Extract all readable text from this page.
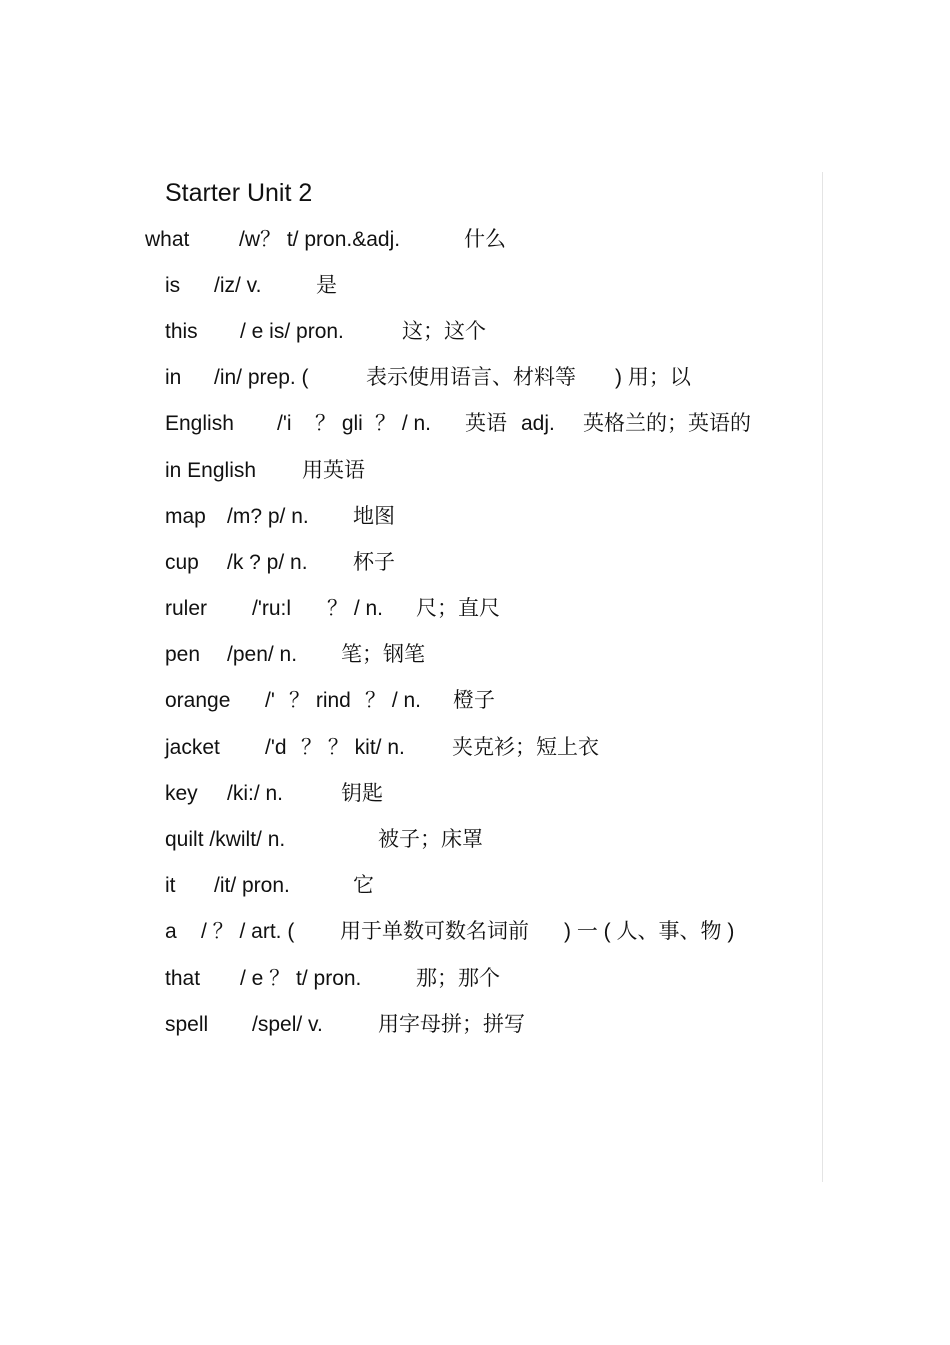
Starter Unit 2
what /w？ t/ pron.&adj.	什么
is /iz/ v.	是
this / e is/ pron.	这；这个
in /in/ prep. (	表示使用语言、材料等 ) 用；以
English /'i ？ gli ？ / n. 英语 adj. 英格兰的；英语的
in English 用英语
map /m? p/ n. 地图
cup /k ? p/ n. 杯子
ruler /'ru:l ？ / n. 尺；直尺
pen /pen/ n. 笔；钢笔
orange /' ？ rind ？ / n. 橙子
jacket /'d ？ ？ kit/ n. 夹克衫；短上衣
key /ki:/ n.	钥匙
quilt /kwilt/ n.	被子；床罩
it /it/ pron.	它
a / ？ / art. ( 用于单数可数名词前 ) 一 ( 人、事、物 )
that / e ？ t/ pron.	那；那个
spell /spel/ v.	用字母拼；拼写
